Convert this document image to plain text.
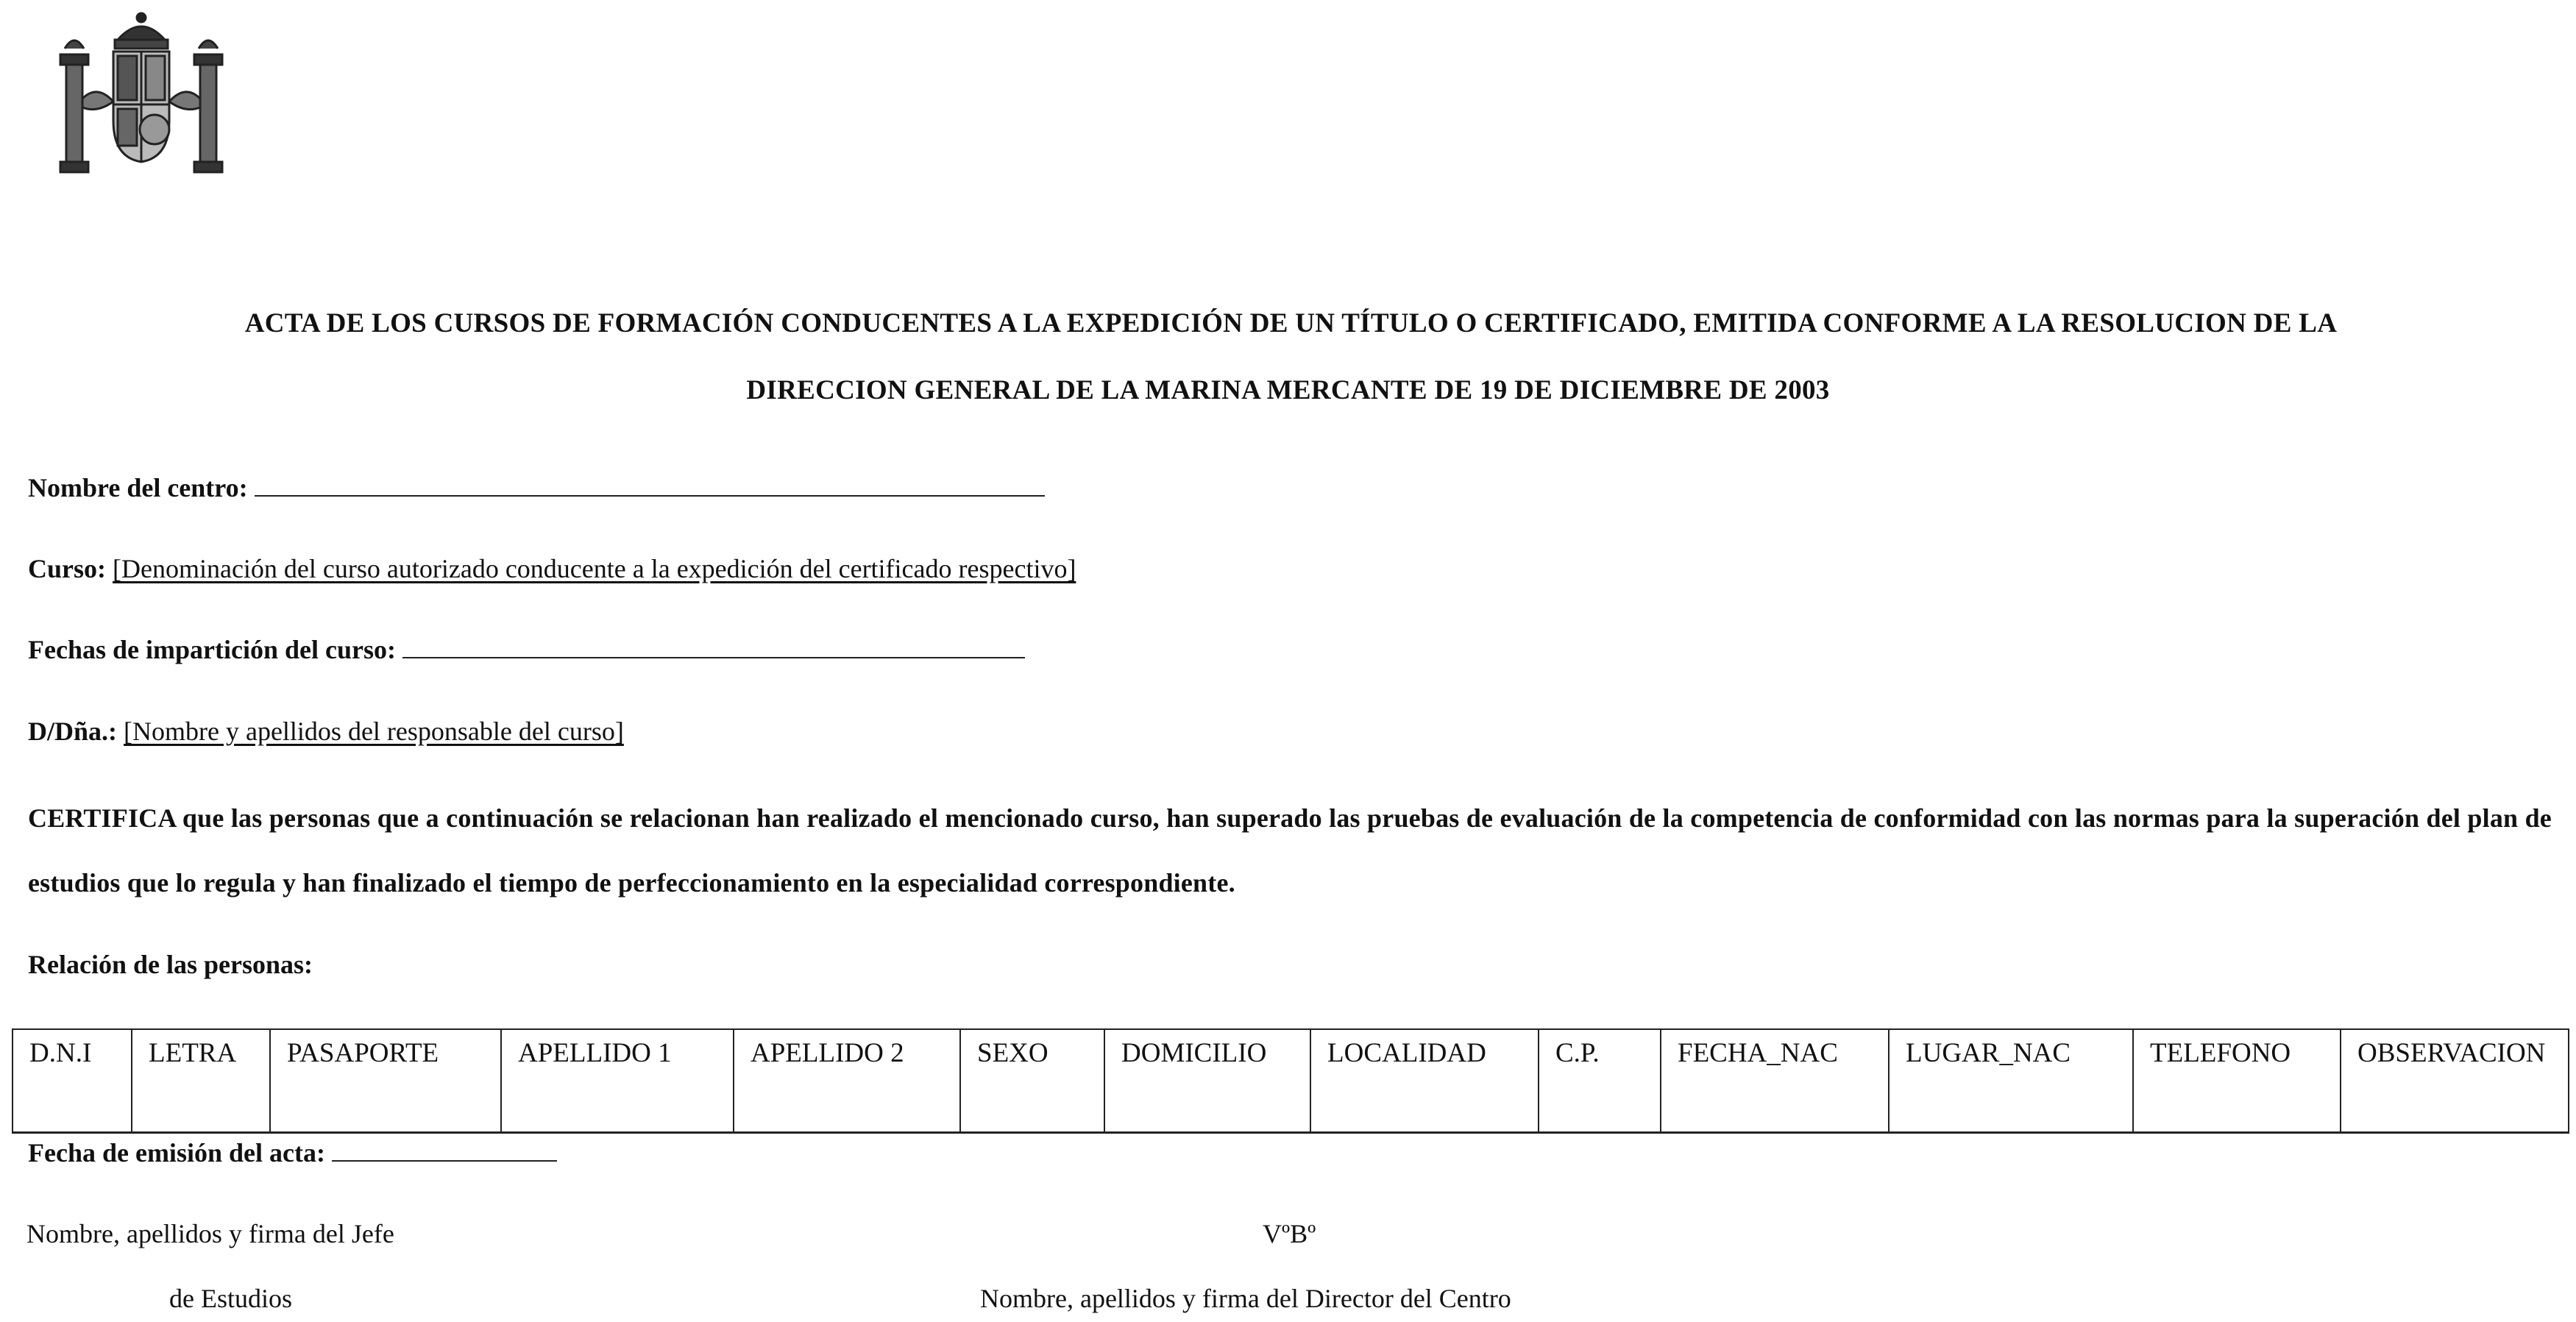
ACTA DE LOS CURSOS DE FORMACIÓN CONDUCENTES A LA EXPEDICIÓN DE UN TÍTULO O CERTIFICADO, EMITIDA CONFORME A LA RESOLUCION DE LA
DIRECCION GENERAL DE LA MARINA MERCANTE DE 19 DE DICIEMBRE DE 2003
Nombre del centro:
Curso: [Denominación del curso autorizado conducente a la expedición del certificado respectivo]
Fechas de impartición del curso:
D/Dña.: [Nombre y apellidos del responsable del curso]
CERTIFICA que las personas que a continuación se relacionan han realizado el mencionado curso, han superado las pruebas de evaluación de la competencia de conformidad con las normas para la superación del plan de estudios que lo regula y han finalizado el tiempo de perfeccionamiento en la especialidad correspondiente.
Relación de las personas:
D.N.I	LETRA	PASAPORTE	APELLIDO 1	APELLIDO 2	SEXO	DOMICILIO	LOCALIDAD	C.P.	FECHA_NAC	LUGAR_NAC	TELEFONO	OBSERVACION
Fecha de emisión del acta:
Nombre, apellidos y firma del Jefe
de Estudios
VºBº
Nombre, apellidos y firma del Director del Centro
